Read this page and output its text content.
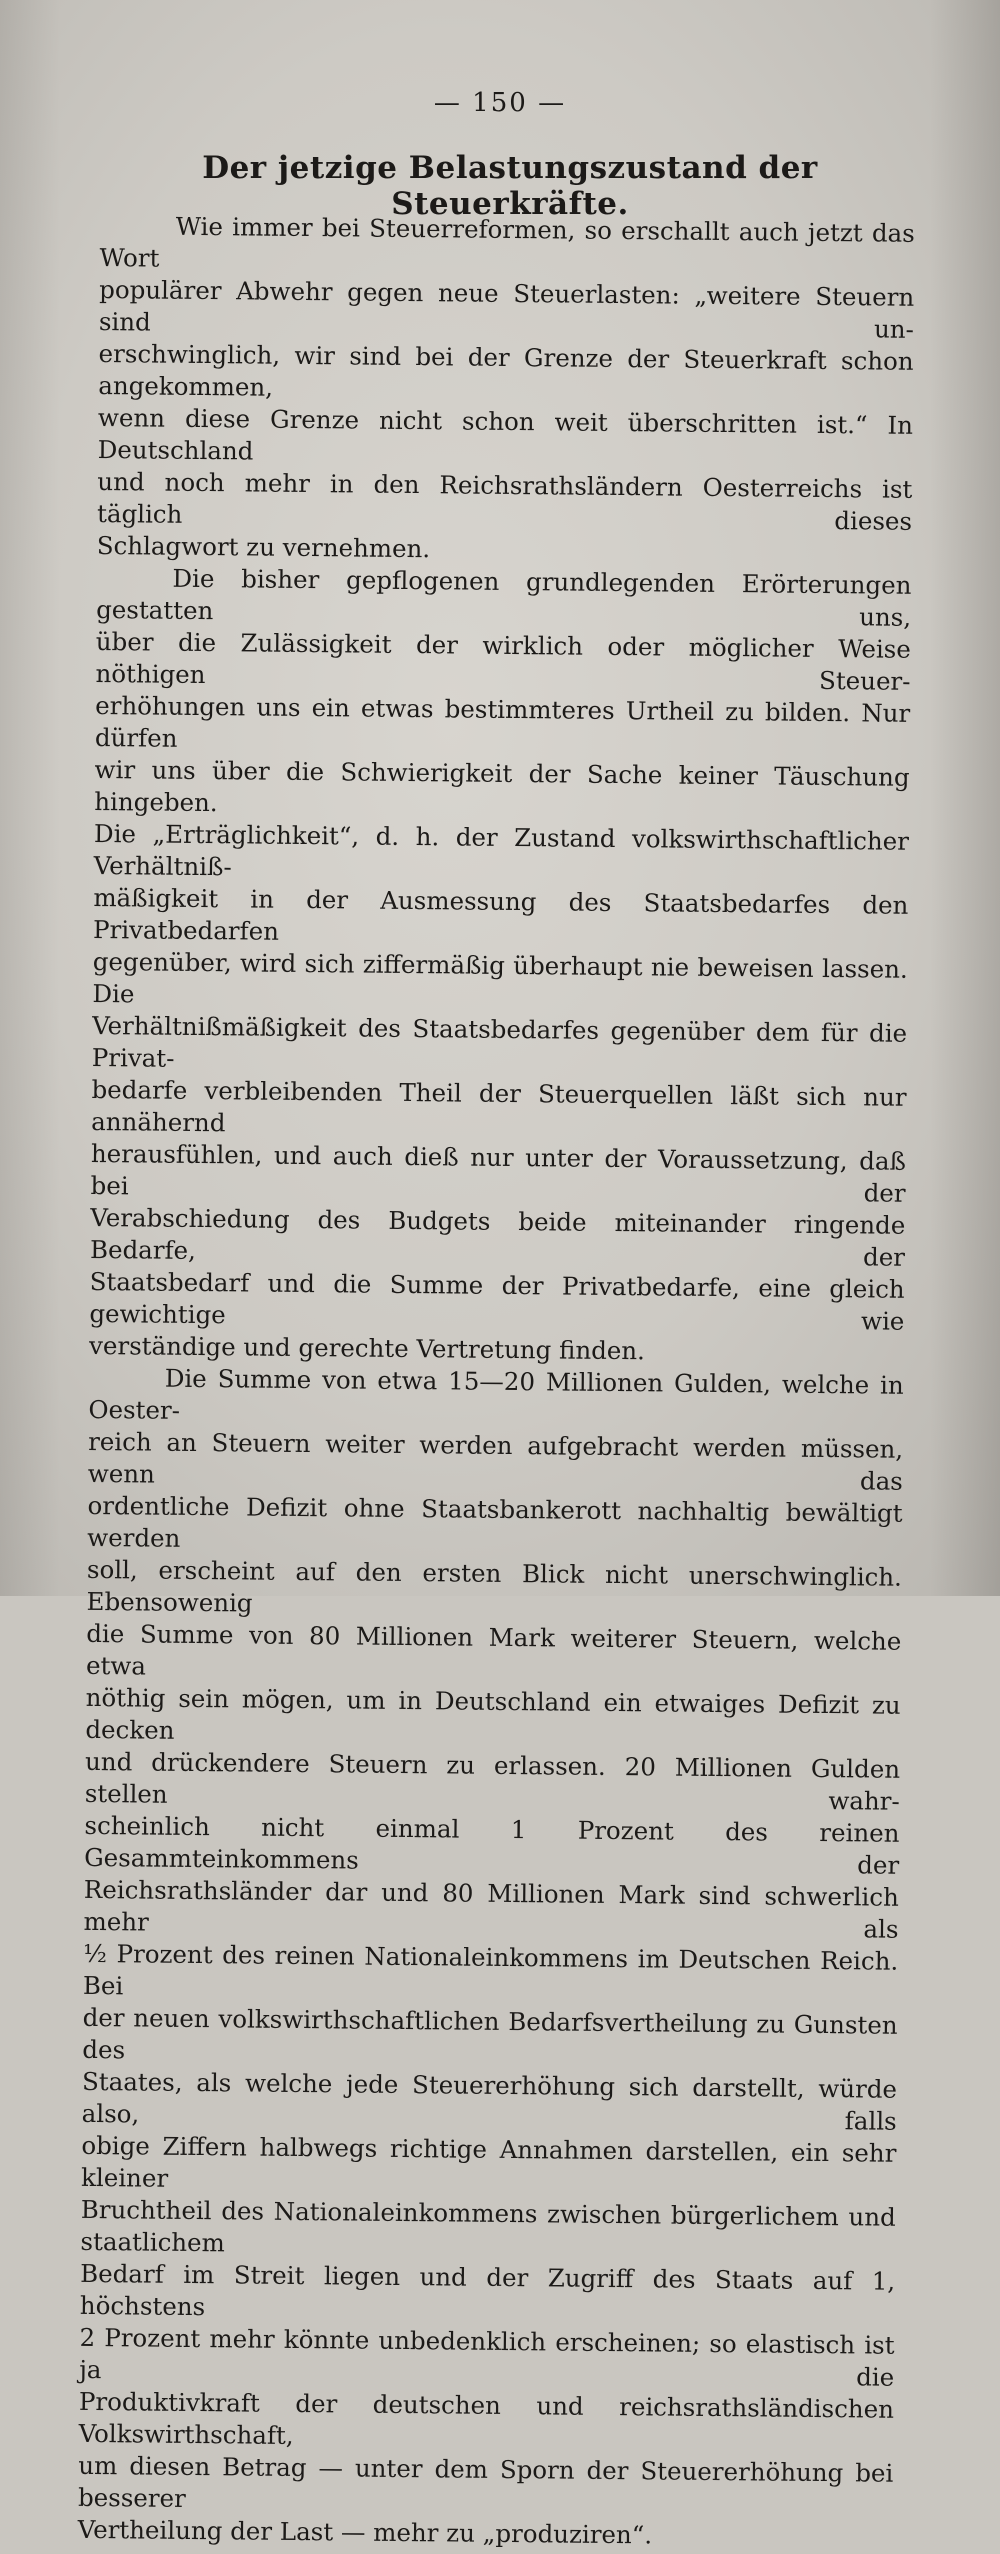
— 150 —
Der jetzige Belastungszustand der Steuerkräfte.

Wie immer bei Steuerreformen, so erschallt auch jetzt das Wort
populärer Abwehr gegen neue Steuerlasten: „weitere Steuern sind un-
erschwinglich, wir sind bei der Grenze der Steuerkraft schon angekommen,
wenn diese Grenze nicht schon weit überschritten ist.“ In Deutschland
und noch mehr in den Reichsrathsländern Oesterreichs ist täglich dieses
Schlagwort zu vernehmen.

Die bisher gepflogenen grundlegenden Erörterungen gestatten uns,
über die Zulässigkeit der wirklich oder möglicher Weise nöthigen Steuer-
erhöhungen uns ein etwas bestimmteres Urtheil zu bilden. Nur dürfen
wir uns über die Schwierigkeit der Sache keiner Täuschung hingeben.
Die „Erträglichkeit“, d. h. der Zustand volkswirthschaftlicher Verhältniß-
mäßigkeit in der Ausmessung des Staatsbedarfes den Privatbedarfen
gegenüber, wird sich ziffermäßig überhaupt nie beweisen lassen. Die
Verhältnißmäßigkeit des Staatsbedarfes gegenüber dem für die Privat-
bedarfe verbleibenden Theil der Steuerquellen läßt sich nur annähernd
herausfühlen, und auch dieß nur unter der Voraussetzung, daß bei der
Verabschiedung des Budgets beide miteinander ringende Bedarfe, der
Staatsbedarf und die Summe der Privatbedarfe, eine gleich gewichtige wie
verständige und gerechte Vertretung finden.

Die Summe von etwa 15—20 Millionen Gulden, welche in Oester-
reich an Steuern weiter werden aufgebracht werden müssen, wenn das
ordentliche Defizit ohne Staatsbankerott nachhaltig bewältigt werden
soll, erscheint auf den ersten Blick nicht unerschwinglich. Ebensowenig
die Summe von 80 Millionen Mark weiterer Steuern, welche etwa
nöthig sein mögen, um in Deutschland ein etwaiges Defizit zu decken
und drückendere Steuern zu erlassen. 20 Millionen Gulden stellen wahr-
scheinlich nicht einmal 1 Prozent des reinen Gesammteinkommens der
Reichsrathsländer dar und 80 Millionen Mark sind schwerlich mehr als
½ Prozent des reinen Nationaleinkommens im Deutschen Reich. Bei
der neuen volkswirthschaftlichen Bedarfsvertheilung zu Gunsten des
Staates, als welche jede Steuererhöhung sich darstellt, würde also, falls
obige Ziffern halbwegs richtige Annahmen darstellen, ein sehr kleiner
Bruchtheil des Nationaleinkommens zwischen bürgerlichem und staatlichem
Bedarf im Streit liegen und der Zugriff des Staats auf 1, höchstens
2 Prozent mehr könnte unbedenklich erscheinen; so elastisch ist ja die
Produktivkraft der deutschen und reichsrathsländischen Volkswirthschaft,
um diesen Betrag — unter dem Sporn der Steuererhöhung bei besserer
Vertheilung der Last — mehr zu „produziren“.
